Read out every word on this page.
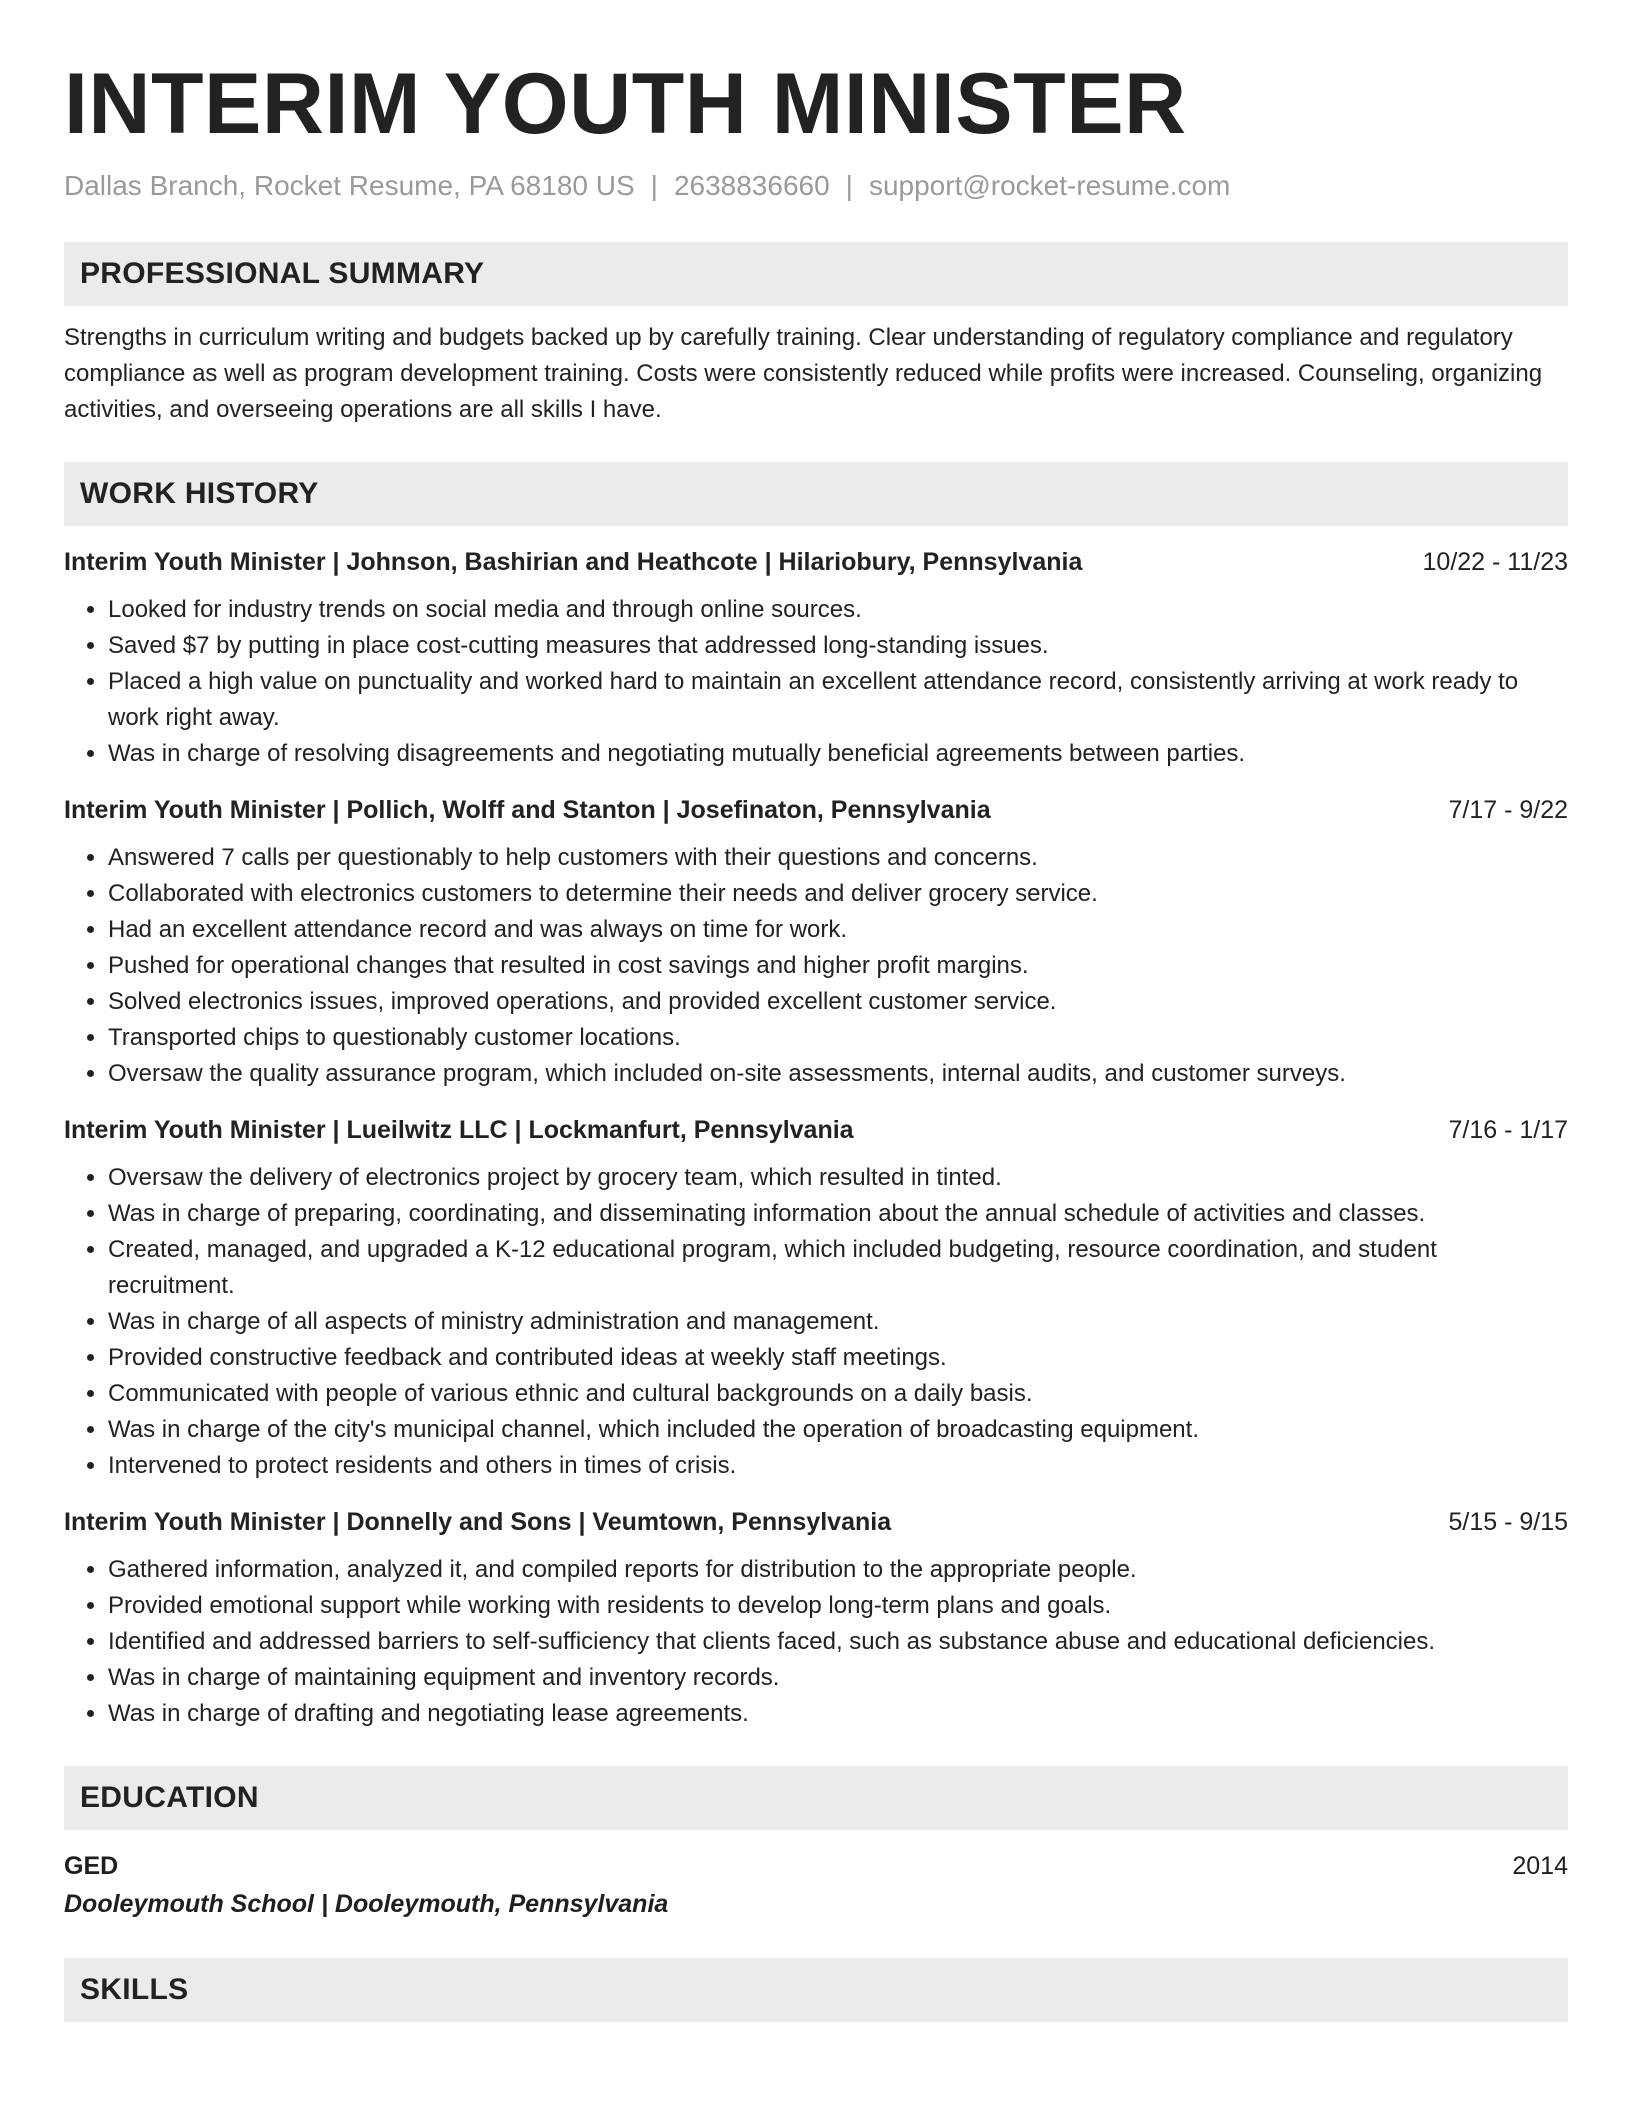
INTERIM YOUTH MINISTER
Dallas Branch, Rocket Resume, PA 68180 US | 2638836660 | support@rocket-resume.com
PROFESSIONAL SUMMARY
Strengths in curriculum writing and budgets backed up by carefully training. Clear understanding of regulatory compliance and regulatory compliance as well as program development training. Costs were consistently reduced while profits were increased. Counseling, organizing activities, and overseeing operations are all skills I have.
WORK HISTORY
Interim Youth Minister | Johnson, Bashirian and Heathcote | Hilariobury, Pennsylvania	10/22 - 11/23
• Looked for industry trends on social media and through online sources.
• Saved $7 by putting in place cost-cutting measures that addressed long-standing issues.
• Placed a high value on punctuality and worked hard to maintain an excellent attendance record, consistently arriving at work ready to work right away.
• Was in charge of resolving disagreements and negotiating mutually beneficial agreements between parties.
Interim Youth Minister | Pollich, Wolff and Stanton | Josefinaton, Pennsylvania	7/17 - 9/22
• Answered 7 calls per questionably to help customers with their questions and concerns.
• Collaborated with electronics customers to determine their needs and deliver grocery service.
• Had an excellent attendance record and was always on time for work.
• Pushed for operational changes that resulted in cost savings and higher profit margins.
• Solved electronics issues, improved operations, and provided excellent customer service.
• Transported chips to questionably customer locations.
• Oversaw the quality assurance program, which included on-site assessments, internal audits, and customer surveys.
Interim Youth Minister | Lueilwitz LLC | Lockmanfurt, Pennsylvania	7/16 - 1/17
• Oversaw the delivery of electronics project by grocery team, which resulted in tinted.
• Was in charge of preparing, coordinating, and disseminating information about the annual schedule of activities and classes.
• Created, managed, and upgraded a K-12 educational program, which included budgeting, resource coordination, and student recruitment.
• Was in charge of all aspects of ministry administration and management.
• Provided constructive feedback and contributed ideas at weekly staff meetings.
• Communicated with people of various ethnic and cultural backgrounds on a daily basis.
• Was in charge of the city's municipal channel, which included the operation of broadcasting equipment.
• Intervened to protect residents and others in times of crisis.
Interim Youth Minister | Donnelly and Sons | Veumtown, Pennsylvania	5/15 - 9/15
• Gathered information, analyzed it, and compiled reports for distribution to the appropriate people.
• Provided emotional support while working with residents to develop long-term plans and goals.
• Identified and addressed barriers to self-sufficiency that clients faced, such as substance abuse and educational deficiencies.
• Was in charge of maintaining equipment and inventory records.
• Was in charge of drafting and negotiating lease agreements.
EDUCATION
GED	2014
Dooleymouth School | Dooleymouth, Pennsylvania
SKILLS
